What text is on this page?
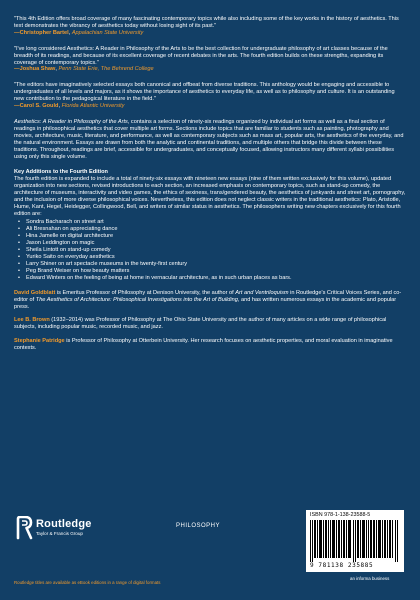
"This 4th Edition offers broad coverage of many fascinating contemporary topics while also including some of the key works in the history of aesthetics. This text demonstrates the vibrancy of aesthetics today without losing sight of its past."

—Christopher Bartel, Appalachian State University

"I've long considered Aesthetics: A Reader in Philosophy of the Arts to be the best collection for undergraduate philosophy of art classes because of the breadth of its readings, and because of its excellent coverage of recent debates in the arts. The fourth edition builds on these strengths, expanding its coverage of contemporary topics."

—Joshua Shaw, Penn State Erie, The Behrend College

"The editors have imaginatively selected essays both canonical and offbeat from diverse traditions. This anthology would be engaging and accessible to undergraduates of all levels and majors, as it shows the importance of aesthetics to everyday life, as well as to philosophy and culture. It is an outstanding new contribution to the pedagogical literature in the field."

—Carol S. Gould, Florida Atlantic University

Aesthetics: A Reader in Philosophy of the Arts, contains a selection of ninety-six readings organized by individual art forms as well as a final section of readings in philosophical aesthetics that cover multiple art forms. Sections include topics that are familiar to students such as painting, photography and movies, architecture, music, literature, and performance, as well as contemporary subjects such as mass art, popular arts, the aesthetics of the everyday, and the natural environment. Essays are drawn from both the analytic and continental traditions, and multiple others that bridge this divide between these traditions. Throughout, readings are brief, accessible for undergraduates, and conceptually focused, allowing instructors many different syllabi possibilities using only this single volume.

Key Additions to the Fourth Edition

The fourth edition is expanded to include a total of ninety-six essays with nineteen new essays (nine of them written exclusively for this volume), updated organization into new sections, revised introductions to each section, an increased emphasis on contemporary topics, such as stand-up comedy, the architecture of museums, interactivity and video games, the ethics of sexiness, trans/gendered beauty, the aesthetics of junkyards and street art, pornography, and the inclusion of more diverse philosophical voices. Nevertheless, this edition does not neglect classic writers in the traditional aesthetics: Plato, Aristotle, Hume, Kant, Hegel, Heidegger, Collingwood, Bell, and writers of similar status in aesthetics. The philosophers writing new chapters exclusively for this fourth edition are:

• Sondra Bacharach on street art
• Ali Bresnahan on appreciating dance
• Hina Jamelle on digital architecture
• Jason Leddington on magic
• Sheila Lintott on stand-up comedy
• Yuriko Saito on everyday aesthetics
• Larry Shiner on art spectacle museums in the twenty-first century
• Peg Brand Weiser on how beauty matters
• Edward Winters on the feeling of being at home in vernacular architecture, as in such urban places as bars.

David Goldblatt is Emeritus Professor of Philosophy at Denison University, the author of Art and Ventriloquism in Routledge's Critical Voices Series, and co-editor of The Aesthetics of Architecture: Philosophical Investigations into the Art of Building, and has written numerous essays in the academic and popular press.

Lee B. Brown (1932–2014) was Professor of Philosophy at The Ohio State University and the author of many articles on a wide range of philosophical subjects, including popular music, recorded music, and jazz.

Stephanie Patridge is Professor of Philosophy at Otterbein University. Her research focuses on aesthetic properties, and moral evaluation in imaginative contexts.

Routledge
Taylor & Francis Group
PHILOSOPHY
ISBN 978-1-138-23588-5
9 781138 235885
Routledge titles are available as eBook editions in a range of digital formats
an informa business
